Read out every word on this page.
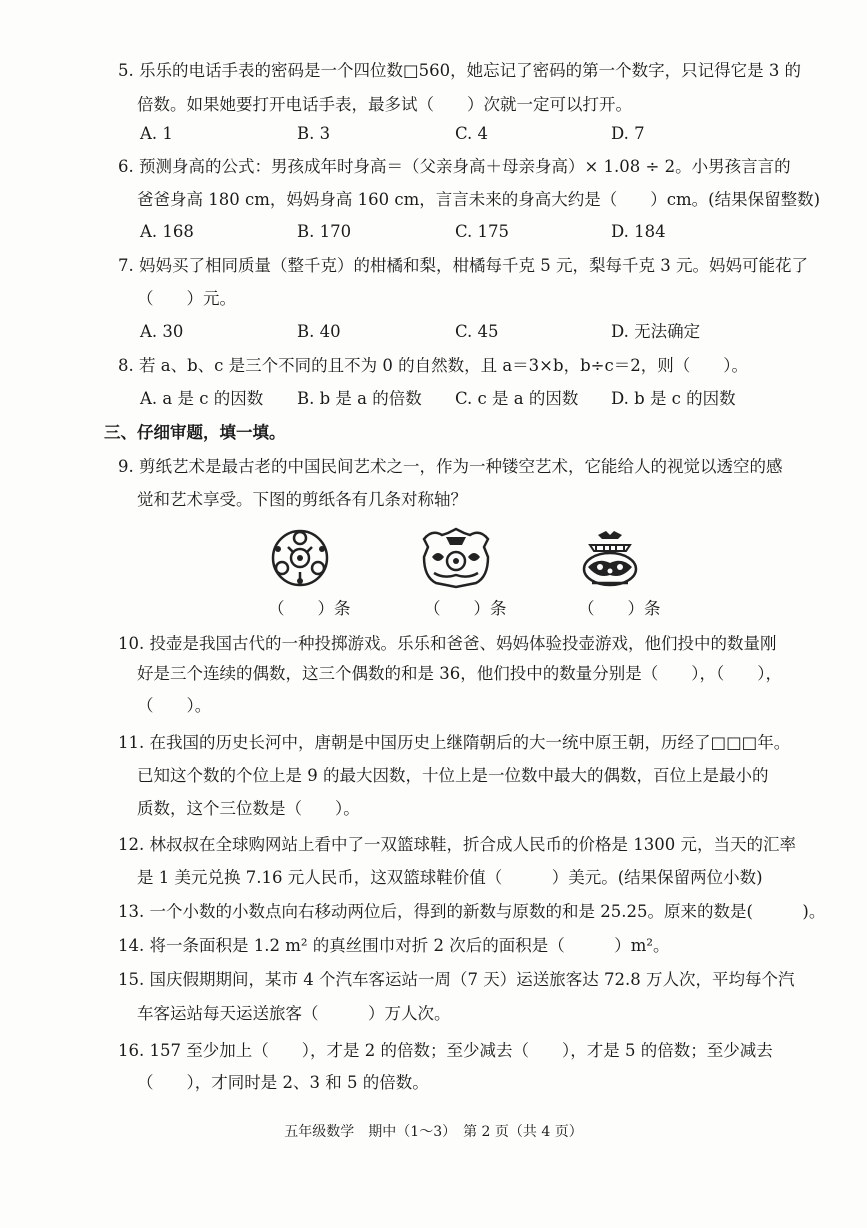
5. 乐乐的电话手表的密码是一个四位数□560，她忘记了密码的第一个数字，只记得它是 3 的
倍数。如果她要打开电话手表，最多试（　　）次就一定可以打开。
A. 1	B. 3	C. 4	D. 7
6. 预测身高的公式：男孩成年时身高＝（父亲身高＋母亲身高）× 1.08 ÷ 2。小男孩言言的
爸爸身高 180 cm，妈妈身高 160 cm，言言未来的身高大约是（　　）cm。(结果保留整数)
A. 168	B. 170	C. 175	D. 184
7. 妈妈买了相同质量（整千克）的柑橘和梨，柑橘每千克 5 元，梨每千克 3 元。妈妈可能花了
（　　）元。
A. 30	B. 40	C. 45	D. 无法确定
8. 若 a、b、c 是三个不同的且不为 0 的自然数，且 a＝3×b，b÷c＝2，则（　　）。
A. a 是 c 的因数 B. b 是 a 的倍数 C. c 是 a 的因数 D. b 是 c 的因数
三、仔细审题，填一填。
9. 剪纸艺术是最古老的中国民间艺术之一，作为一种镂空艺术，它能给人的视觉以透空的感
觉和艺术享受。下图的剪纸各有几条对称轴？
（　　）条	（　　）条	（　　）条
10. 投壶是我国古代的一种投掷游戏。乐乐和爸爸、妈妈体验投壶游戏，他们投中的数量刚
好是三个连续的偶数，这三个偶数的和是 36，他们投中的数量分别是（　　），（　　），
（　　）。
11. 在我国的历史长河中，唐朝是中国历史上继隋朝后的大一统中原王朝，历经了□□□年。
已知这个数的个位上是 9 的最大因数，十位上是一位数中最大的偶数，百位上是最小的
质数，这个三位数是（　　）。
12. 林叔叔在全球购网站上看中了一双篮球鞋，折合成人民币的价格是 1300 元，当天的汇率
是 1 美元兑换 7.16 元人民币，这双篮球鞋价值（　　　）美元。(结果保留两位小数)
13. 一个小数的小数点向右移动两位后，得到的新数与原数的和是 25.25。原来的数是(　　　)。
14. 将一条面积是 1.2 m² 的真丝围巾对折 2 次后的面积是（　　　）m²。
15. 国庆假期期间，某市 4 个汽车客运站一周（7 天）运送旅客达 72.8 万人次，平均每个汽
车客运站每天运送旅客（　　　）万人次。
16. 157 至少加上（　　），才是 2 的倍数；至少减去（　　），才是 5 的倍数；至少减去
（　　），才同时是 2、3 和 5 的倍数。
五年级数学　期中（1～3）　第 2 页（共 4 页）
